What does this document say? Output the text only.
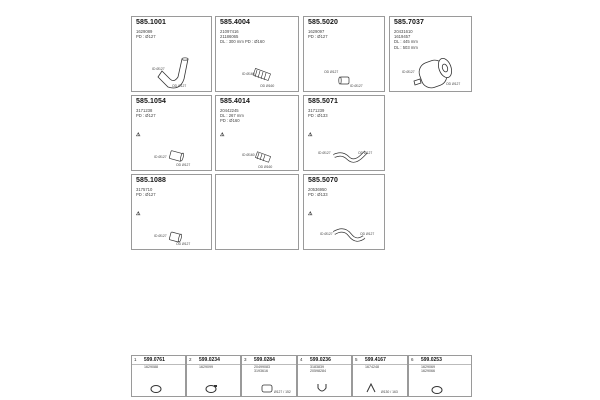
585.1001
1629089
PD : Ø127
ID Ø127
OD Ø127
585.4004
21097416
21186065
DL : 300 mm PD : Ø160
ID Ø160
OD Ø160
585.5020
1629097
PD : Ø127
OD Ø127
ID Ø127
585.7037
20431610
1619457
DL : 445 mm
DL : 503 mm
ID Ø127
OD Ø127
585.1054
3171238
PD : Ø127
⚠
ID Ø127
OD Ø127
585.4014
20442245
DL : 267 mm
PD : Ø160
⚠
ID Ø160
OD Ø160
585.5071
3171239
PD : Ø133
⚠
ID Ø127	OD Ø127
585.1088
3175710
PD : Ø127
⚠
ID Ø127
OD Ø127
585.5070
20536950
PD : Ø133
⚠
ID Ø127	OD Ø127
1 599.0761
1629088
2 599.0234
1629099
3 599.0284
20499083
3193616
Ø127 / 152
4 599.0236
3183839
20598284
5 599.4167
1674248
Ø130 / 163
6 599.0253
1629069
1629066
